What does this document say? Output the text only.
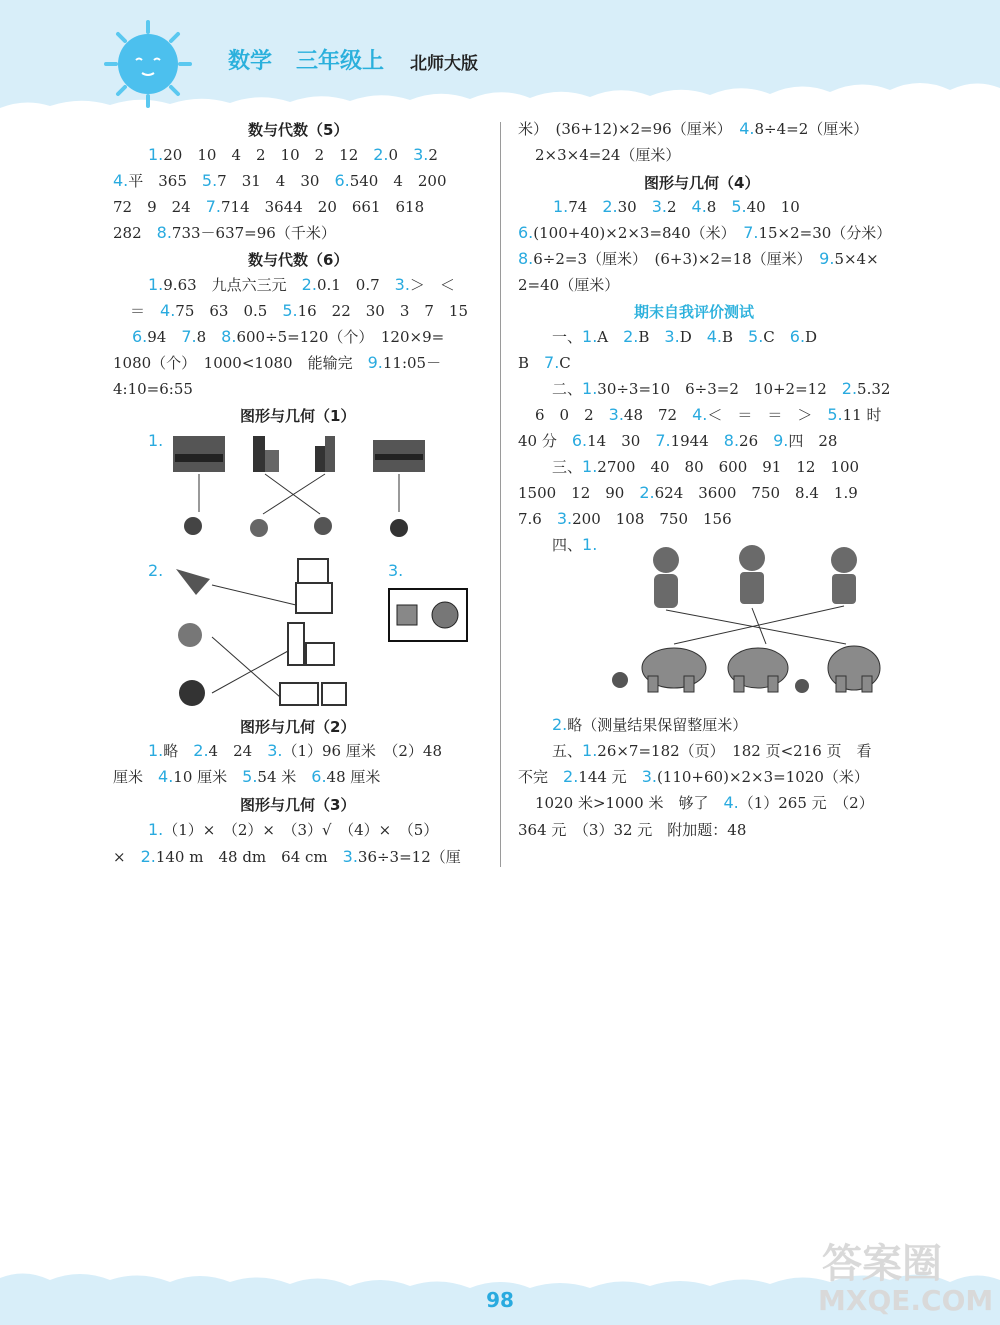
数学 三年级上 北师大版
数与代数（5）
1.20　10　4　2　10　2　12　2.0　3.2
4.平　365　5.7　31　4　30　6.540　4　200
72　9　24　7.714　3644　20　661　618
282　8.733－637=96（千米）
数与代数（6）
1.9.63　九点六三元　2.0.1　0.7　3.＞　＜
＝　4.75　63　0.5　5.16　22　30　3　7　15
6.94　7.8　8.600÷5=120（个）　120×9=
1080（个）　1000<1080　能输完　9.11:05－
4:10=6:55
图形与几何（1）
1.
2.	3.
图形与几何（2）
1.略　2.4　24　3.（1）96 厘米　（2）48
厘米　4.10 厘米　5.54 米　6.48 厘米
图形与几何（3）
1.（1）×　（2）×　（3）√　（4）×　（5）
×　2.140 m　48 dm　64 cm　3.36÷3=12（厘
米）　(36+12)×2=96（厘米）　4.8÷4=2（厘米）
2×3×4=24（厘米）
图形与几何（4）
1.74　2.30　3.2　4.8　5.40　10
6.(100+40)×2×3=840（米）　7.15×2=30（分米）
8.6÷2=3（厘米）　(6+3)×2=18（厘米）　9.5×4×
2=40（厘米）
期末自我评价测试
一、1.A　2.B　3.D　4.B　5.C　6.D
B　7.C
二、1.30÷3=10　6÷3=2　10+2=12　2.5.32
6　0　2　3.48　72　4.＜　＝　＝　＞　5.11 时
40 分　6.14　30　7.1944　8.26　9.四　28
三、1.2700　40　80　600　91　12　100
1500　12　90　2.624　3600　750　8.4　1.9
7.6　3.200　108　750　156
四、1.
2.略（测量结果保留整厘米）
五、1.26×7=182（页）　182 页<216 页　看
不完　2.144 元　3.(110+60)×2×3=1020（米）
1020 米>1000 米　够了　4.（1）265 元　（2）
364 元　（3）32 元　附加题：48
98
答案圈
MXQE.COM
